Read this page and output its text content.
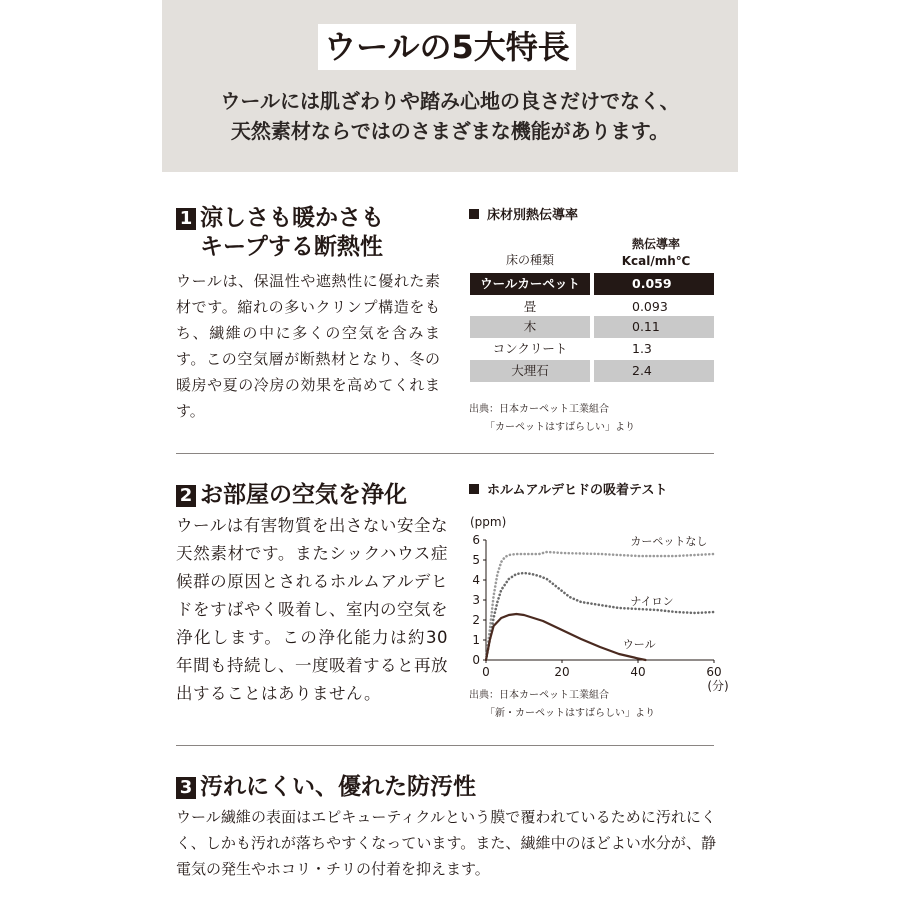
ウールの5大特長
ウールには肌ざわりや踏み心地の良さだけでなく、
天然素材ならではのさまざまな機能があります。
1 涼しさも暖かさも
キープする断熱性
ウールは、保温性や遮熱性に優れた素材です。縮れの多いクリンプ構造をもち、繊維の中に多くの空気を含みます。この空気層が断熱材となり、冬の暖房や夏の冷房の効果を高めてくれます。
床材別熱伝導率
床の種類
熱伝導率
Kcal/mh℃
ウールカーペット	0.059
畳	0.093
木	0.11
コンクリート	1.3
大理石	2.4
出典：日本カーペット工業組合
「カーペットはすばらしい」より
2 お部屋の空気を浄化
ウールは有害物質を出さない安全な天然素材です。またシックハウス症候群の原因とされるホルムアルデヒドをすばやく吸着し、室内の空気を浄化します。この浄化能力は約30年間も持続し、一度吸着すると再放出することはありません。
ホルムアルデヒドの吸着テスト
0
1
2
3
4
5
6
0	20	40	60
(ppm)
(分)
カーペットなし
ナイロン
ウール
出典：日本カーペット工業組合
「新・カーペットはすばらしい」より
3 汚れにくい、優れた防汚性
ウール繊維の表面はエピキューティクルという膜で覆われているために汚れにくく、しかも汚れが落ちやすくなっています。また、繊維中のほどよい水分が、静電気の発生やホコリ・チリの付着を抑えます。
